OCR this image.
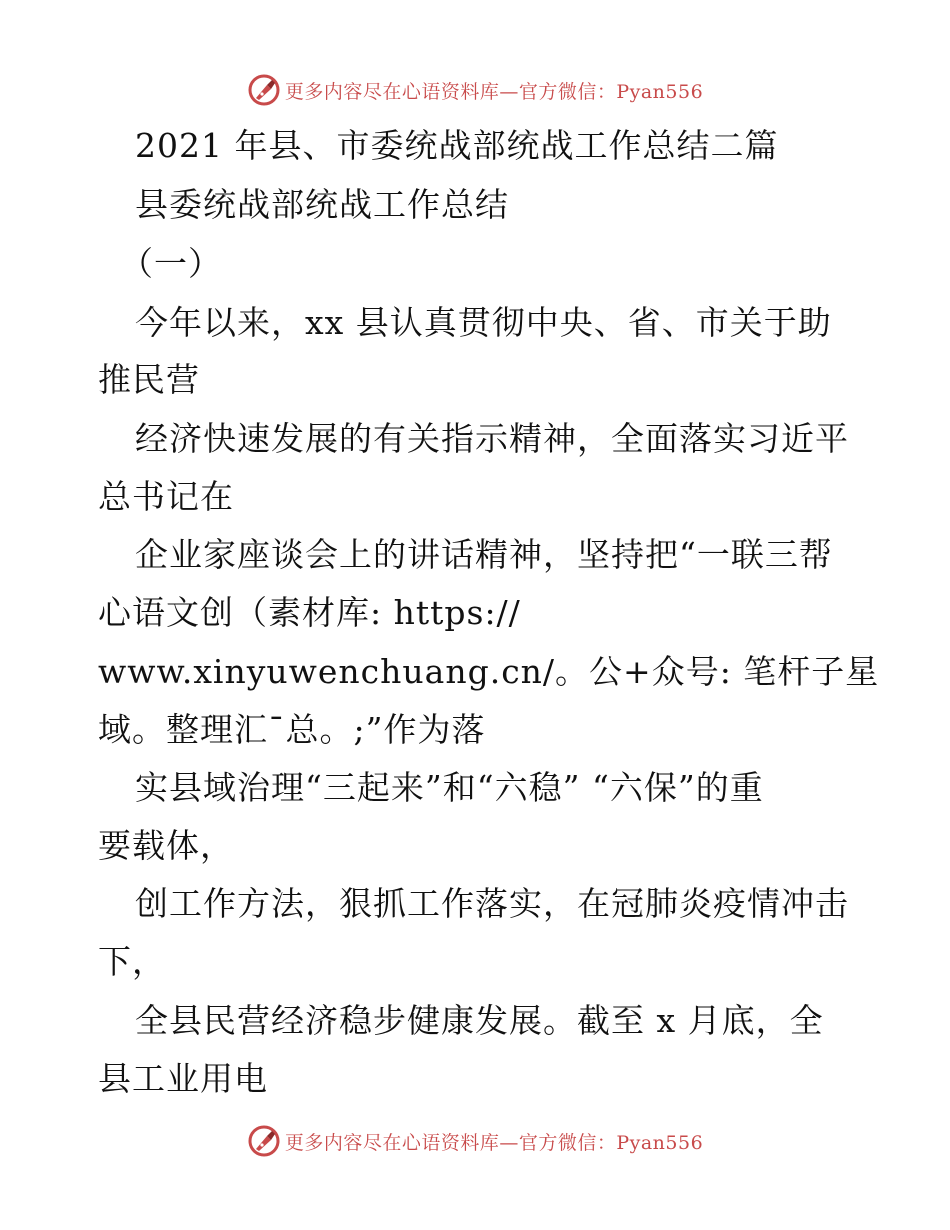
更多内容尽在心语资料库—官方微信：Pyan556
2021 年县、市委统战部统战工作总结二篇
县委统战部统战工作总结
（一）
今年以来，xx 县认真贯彻中央、省、市关于助
推民营
经济快速发展的有关指示精神，全面落实习近平
总书记在
企业家座谈会上的讲话精神，坚持把“一联三帮
心语文创（素材库: https://
www.xinyuwenchuang.cn/。公+众号: 笔杆子星
域。整理汇¯总。;”作为落
实县域治理“三起来”和“六稳” “六保”的重
要载体，
创工作方法，狠抓工作落实，在冠肺炎疫情冲击
下，
全县民营经济稳步健康发展。截至 x 月底，全
县工业用电
更多内容尽在心语资料库—官方微信：Pyan556
